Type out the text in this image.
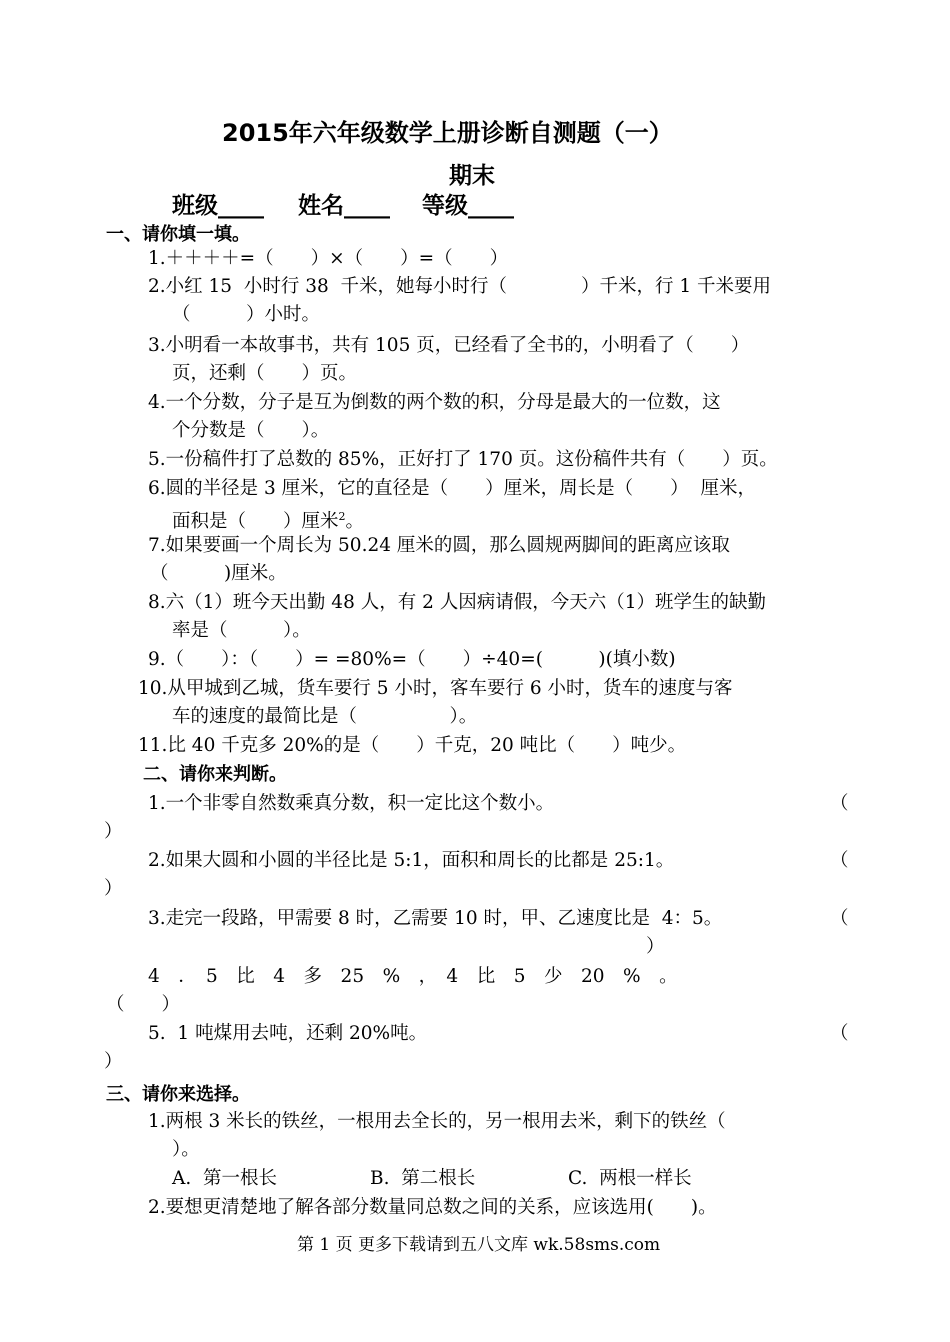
2015年六年级数学上册诊断自测题（一）
期末
班级____ 姓名____ 等级____
一、请你填一填。
1.＋＋＋＋=（　　）×（　　）=（　　）
2.小红 15  小时行 38  千米，她每小时行（　　　　）千米，行 1 千米要用
（　　　）小时。
3.小明看一本故事书，共有 105 页，已经看了全书的，小明看了（　　）
页，还剩（　　）页。
4.一个分数，分子是互为倒数的两个数的积，分母是最大的一位数，这
个分数是（　　）。
5.一份稿件打了总数的 85%，正好打了 170 页。这份稿件共有（　　）页。
6.圆的半径是 3 厘米，它的直径是（　　）厘米，周长是（　　）  厘米，
面积是（　　）厘米$^2$。
7.如果要画一个周长为 50.24 厘米的圆，那么圆规两脚间的距离应该取
（　　　)厘米。
8.六（1）班今天出勤 48 人，有 2 人因病请假，今天六（1）班学生的缺勤
率是（　　　）。
9.（　　）：（　　）= =80%=（　　）÷40=(　　　)(填小数)
10.从甲城到乙城，货车要行 5 小时，客车要行 6 小时，货车的速度与客
车的速度的最简比是（　　　　　）。
11.比 40 千克多 20%的是（　　）千克，20 吨比（　　）吨少。
二、请你来判断。
1.一个非零自然数乘真分数，积一定比这个数小。	（
）
2.如果大圆和小圆的半径比是 5:1，面积和周长的比都是 25:1。	（
）
3.走完一段路，甲需要 8 时，乙需要 10 时，甲、乙速度比是  4：5。	（
）
4　．　5　比　4　多　25　%　，　4　比　5　少　20　%　。
（　　）
5.  1 吨煤用去吨，还剩 20%吨。	（
）
三、请你来选择。
1.两根 3 米长的铁丝，一根用去全长的，另一根用去米，剩下的铁丝（
）。
A.  第一根长	B.  第二根长	C.  两根一样长
2.要想更清楚地了解各部分数量同总数之间的关系，应该选用(　　)。
第 1 页 更多下载请到五八文库 wk.58sms.com
